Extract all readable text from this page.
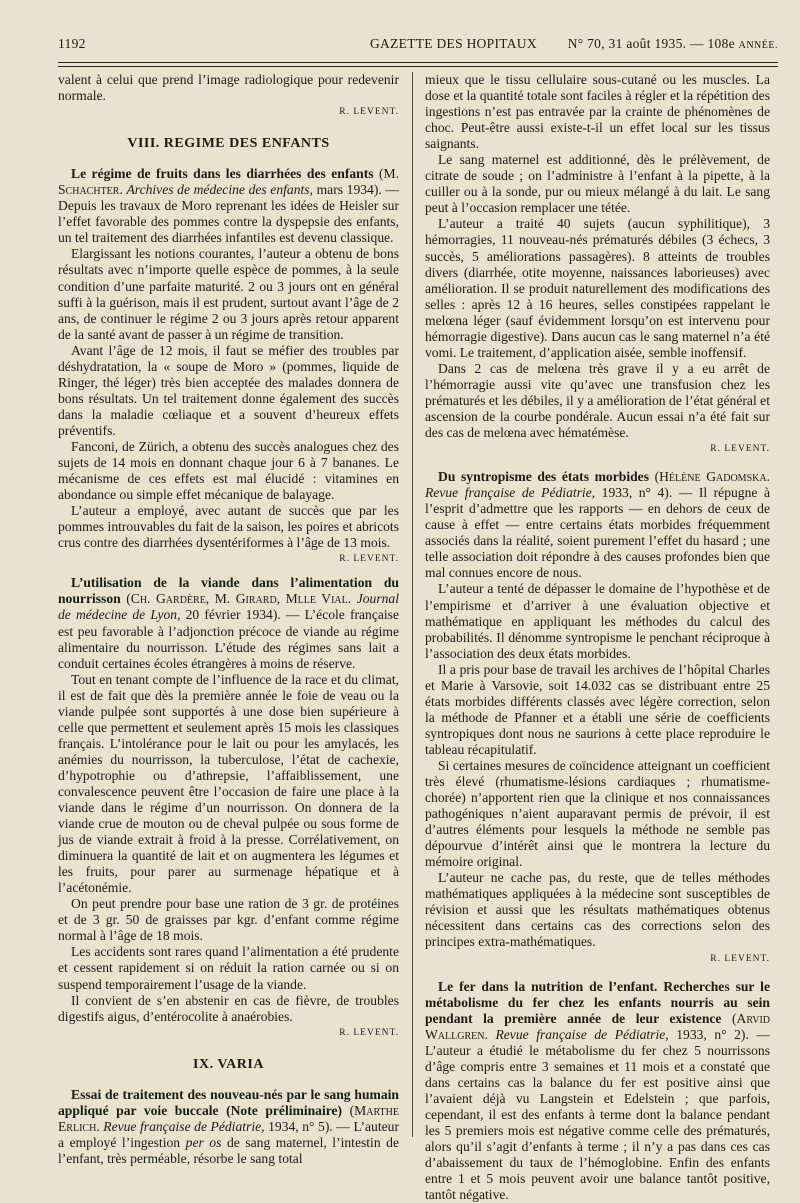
1192	GAZETTE DES HOPITAUX N° 70, 31 août 1935. — 108e ANNÉE.

valent à celui que prend l’image radiologique pour redevenir normale.

R. LEVENT.

VIII. REGIME DES ENFANTS

Le régime de fruits dans les diarrhées des enfants (M. Schachter. Archives de médecine des enfants, mars 1934). — Depuis les travaux de Moro reprenant les idées de Heisler sur l’effet favorable des pommes contre la dyspepsie des enfants, un tel traitement des diarrhées infantiles est devenu classique.

Elargissant les notions courantes, l’auteur a obtenu de bons résultats avec n’importe quelle espèce de pommes, à la seule condition d’une parfaite maturité. 2 ou 3 jours ont en général suffi à la guérison, mais il est prudent, surtout avant l’âge de 2 ans, de continuer le régime 2 ou 3 jours après retour apparent de la santé avant de passer à un régime de transition.

Avant l’âge de 12 mois, il faut se méfier des troubles par déshydratation, la « soupe de Moro » (pommes, liquide de Ringer, thé léger) très bien acceptée des malades donnera de bons résultats. Un tel traitement donne également des succès dans la maladie cœliaque et a souvent d’heureux effets préventifs.

Fanconi, de Zürich, a obtenu des succès analogues chez des sujets de 14 mois en donnant chaque jour 6 à 7 bananes. Le mécanisme de ces effets est mal élucidé : vitamines en abondance ou simple effet mécanique de balayage.

L’auteur a employé, avec autant de succès que par les pommes introuvables du fait de la saison, les poires et abricots crus contre des diarrhées dysentériformes à l’âge de 13 mois.

R. LEVENT.

L’utilisation de la viande dans l’alimentation du nourrisson (Ch. Gardère, M. Girard, Mlle Vial. Journal de médecine de Lyon, 20 février 1934). — L’école française est peu favorable à l’adjonction précoce de viande au régime alimentaire du nourrisson. L’étude des régimes sans lait a conduit certaines écoles étrangères à moins de réserve.

Tout en tenant compte de l’influence de la race et du climat, il est de fait que dès la première année le foie de veau ou la viande pulpée sont supportés à une dose bien supérieure à celle que permettent et seulement après 15 mois les classiques français. L’intolérance pour le lait ou pour les amylacés, les anémies du nourrisson, la tuberculose, l’état de cachexie, d’hypotrophie ou d’athrepsie, l’affaiblissement, une convalescence peuvent être l’occasion de faire une place à la viande dans le régime d’un nourrisson. On donnera de la viande crue de mouton ou de cheval pulpée ou sous forme de jus de viande extrait à froid à la presse. Corrélativement, on diminuera la quantité de lait et on augmentera les légumes et les fruits, pour parer au surmenage hépatique et à l’acétonémie.

On peut prendre pour base une ration de 3 gr. de protéines et de 3 gr. 50 de graisses par kgr. d’enfant comme régime normal à l’âge de 18 mois.

Les accidents sont rares quand l’alimentation a été prudente et cessent rapidement si on réduit la ration carnée ou si on suspend temporairement l’usage de la viande.

Il convient de s’en abstenir en cas de fièvre, de troubles digestifs aigus, d’entérocolite à anaérobies.

R. LEVENT.

IX. VARIA

Essai de traitement des nouveau-nés par le sang humain appliqué par voie buccale (Note préliminaire) (Marthe Erlich. Revue française de Pédiatrie, 1934, n° 5). — L’auteur a employé l’ingestion per os de sang maternel, l’intestin de l’enfant, très perméable, résorbe le sang total

mieux que le tissu cellulaire sous-cutané ou les muscles. La dose et la quantité totale sont faciles à régler et la répétition des ingestions n’est pas entravée par la crainte de phénomènes de choc. Peut-être aussi existe-t-il un effet local sur les tissus saignants.

Le sang maternel est additionné, dès le prélèvement, de citrate de soude ; on l’administre à l’enfant à la pipette, à la cuiller ou à la sonde, pur ou mieux mélangé à du lait. Le sang peut à l’occasion remplacer une tétée.

L’auteur a traité 40 sujets (aucun syphilitique), 3 hémorragies, 11 nouveau-nés prématurés débiles (3 échecs, 3 succès, 5 améliorations passagères). 8 atteints de troubles divers (diarrhée, otite moyenne, naissances laborieuses) avec amélioration. Il se produit naturellement des modifications des selles : après 12 à 16 heures, selles constipées rappelant le melœna léger (sauf évidemment lorsqu’on est intervenu pour hémorragie digestive). Dans aucun cas le sang maternel n’a été vomi. Le traitement, d’application aisée, semble inoffensif.

Dans 2 cas de melœna très grave il y a eu arrêt de l’hémorragie aussi vite qu’avec une transfusion chez les prématurés et les débiles, il y a amélioration de l’état général et ascension de la courbe pondérale. Aucun essai n’a été fait sur des cas de melœna avec hématémèse.

R. LEVENT.

Du syntropisme des états morbides (Hélène Gadomska. Revue française de Pédiatrie, 1933, n° 4). — Il répugne à l’esprit d’admettre que les rapports — en dehors de ceux de cause à effet — entre certains états morbides fréquemment associés dans la réalité, soient purement l’effet du hasard ; une telle association doit répondre à des causes profondes bien que mal connues encore de nous.

L’auteur a tenté de dépasser le domaine de l’hypothèse et de l’empirisme et d’arriver à une évaluation objective et mathématique en appliquant les méthodes du calcul des probabilités. Il dénomme syntropisme le penchant réciproque à l’association des deux états morbides.

Il a pris pour base de travail les archives de l’hôpital Charles et Marie à Varsovie, soit 14.032 cas se distribuant entre 25 états morbides différents classés avec légère correction, selon la méthode de Pfanner et a établi une série de coefficients syntropiques dont nous ne saurions à cette place reproduire le tableau récapitulatif.

Si certaines mesures de coïncidence atteignant un coefficient très élevé (rhumatisme-lésions cardiaques ; rhumatisme-chorée) n’apportent rien que la clinique et nos connaissances pathogéniques n’aient auparavant permis de prévoir, il est d’autres éléments pour lesquels la méthode ne semble pas dépourvue d’intérêt ainsi que le montrera la lecture du mémoire original.

L’auteur ne cache pas, du reste, que de telles méthodes mathématiques appliquées à la médecine sont susceptibles de révision et aussi que les résultats mathématiques obtenus nécessitent dans certains cas des corrections selon des principes extra-mathématiques.

R. LEVENT.

Le fer dans la nutrition de l’enfant. Recherches sur le métabolisme du fer chez les enfants nourris au sein pendant la première année de leur existence (Arvid Wallgren. Revue française de Pédiatrie, 1933, n° 2). — L’auteur a étudié le métabolisme du fer chez 5 nourrissons d’âge compris entre 3 semaines et 11 mois et a constaté que dans certains cas la balance du fer est positive ainsi que l’avaient déjà vu Langstein et Edelstein ; que parfois, cependant, il est des enfants à terme dont la balance pendant les 5 premiers mois est négative comme celle des prématurés, alors qu’il s’agit d’enfants à terme ; il n’y a pas dans ces cas d’abaissement du taux de l’hémoglobine. Enfin des enfants entre 1 et 5 mois peuvent avoir une balance tantôt positive, tantôt négative.
